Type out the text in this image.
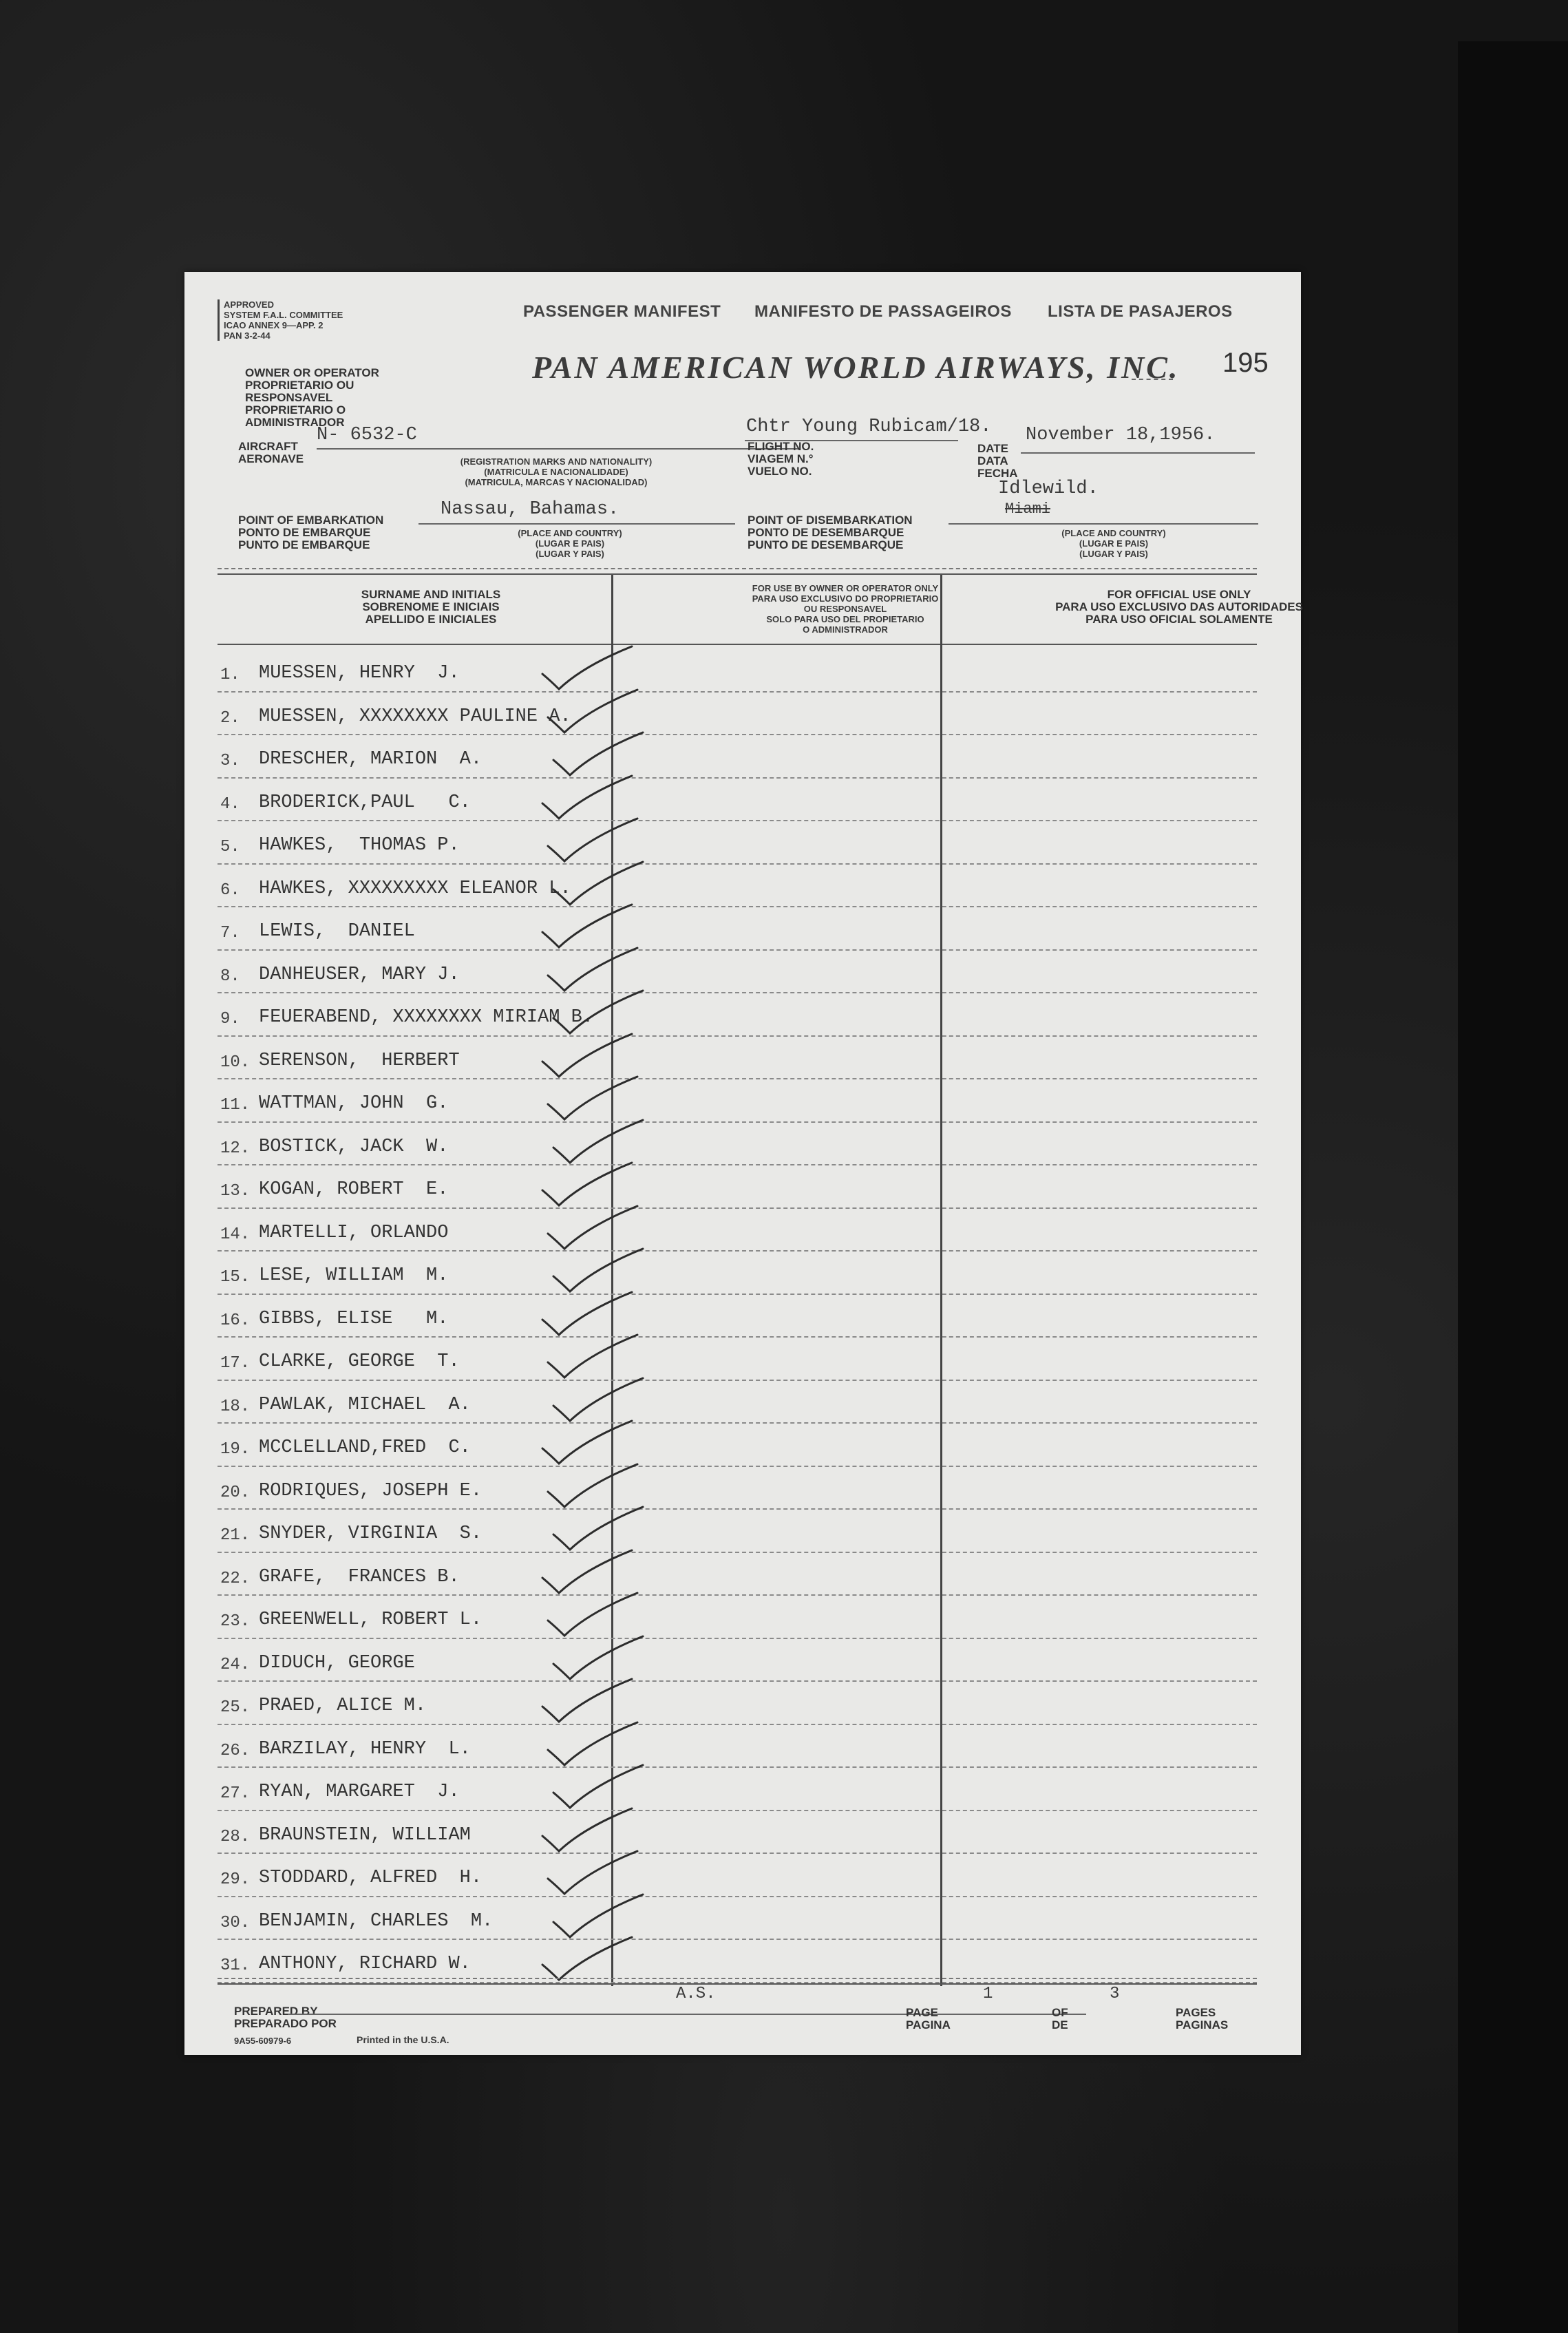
APPROVED
SYSTEM F.A.L. COMMITTEE
ICAO ANNEX 9—APP. 2
PAN 3-2-44
OWNER OR OPERATOR
PROPRIETARIO OU RESPONSAVEL
PROPRIETARIO O ADMINISTRADOR
PASSENGER MANIFEST MANIFESTO DE PASSAGEIROS LISTA DE PASAJEROS
PAN AMERICAN WORLD AIRWAYS, INC. 195
AIRCRAFT
AERONAVE
N- 6532-C
(REGISTRATION MARKS AND NATIONALITY)
(MATRICULA E NACIONALIDADE)
(MATRICULA, MARCAS Y NACIONALIDAD)
Chtr Young Rubicam/18.
FLIGHT NO.
VIAGEM N.°
VUELO NO.
November 18,1956.
DATE
DATA
FECHA
Idlewild.
Miami
POINT OF EMBARKATION
PONTO DE EMBARQUE
PUNTO DE EMBARQUE
Nassau, Bahamas.
(PLACE AND COUNTRY)
(LUGAR E PAIS)
(LUGAR Y PAIS)
POINT OF DISEMBARKATION
PONTO DE DESEMBARQUE
PUNTO DE DESEMBARQUE
(PLACE AND COUNTRY)
(LUGAR E PAIS)
(LUGAR Y PAIS)
SURNAME AND INITIALS
SOBRENOME E INICIAIS
APELLIDO E INICIALES
FOR USE BY OWNER OR OPERATOR ONLY
PARA USO EXCLUSIVO DO PROPRIETARIO
OU RESPONSAVEL
SOLO PARA USO DEL PROPIETARIO
O ADMINISTRADOR
FOR OFFICIAL USE ONLY
PARA USO EXCLUSIVO DAS AUTORIDADES
PARA USO OFICIAL SOLAMENTE
1. MUESSEN, HENRY  J.
2. MUESSEN, XXXXXXXX PAULINE A.
3. DRESCHER, MARION  A.
4. BRODERICK,PAUL   C.
5. HAWKES,  THOMAS P.
6. HAWKES, XXXXXXXXX ELEANOR L.
7. LEWIS,  DANIEL
8. DANHEUSER, MARY J.
9. FEUERABEND, XXXXXXXX MIRIAM B.
10. SERENSON,  HERBERT
11. WATTMAN, JOHN  G.
12. BOSTICK, JACK  W.
13. KOGAN, ROBERT  E.
14. MARTELLI, ORLANDO
15. LESE, WILLIAM  M.
16. GIBBS, ELISE   M.
17. CLARKE, GEORGE  T.
18. PAWLAK, MICHAEL  A.
19. MCCLELLAND,FRED  C.
20. RODRIQUES, JOSEPH E.
21. SNYDER, VIRGINIA  S.
22. GRAFE,  FRANCES B.
23. GREENWELL, ROBERT L.
24. DIDUCH, GEORGE
25. PRAED, ALICE M.
26. BARZILAY, HENRY  L.
27. RYAN, MARGARET  J.
28. BRAUNSTEIN, WILLIAM
29. STODDARD, ALFRED  H.
30. BENJAMIN, CHARLES  M.
31. ANTHONY, RICHARD W.
PREPARED BY
PREPARADO POR
A.S.
9A55-60979-6	Printed in the U.S.A.
PAGE
PAGINA
1
OF
DE
3
PAGES
PAGINAS
